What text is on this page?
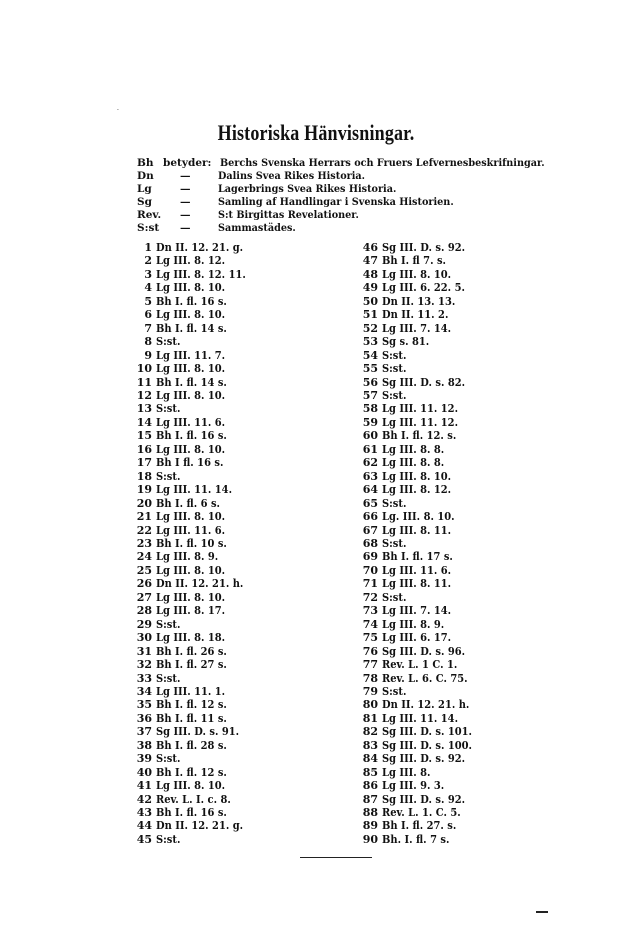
·
Historiska Hänvisningar.
Bh betyder: Berchs Svenska Herrars och Fruers Lefvernesbeskrifningar.
Dn	—	Dalins Svea Rikes Historia.
Lg	—	Lagerbrings Svea Rikes Historia.
Sg	—	Samling af Handlingar i Svenska Historien.
Rev.	—	S:t Birgittas Revelationer.
S:st	—	Sammastädes.
1 Dn II. 12. 21. g.
2 Lg III. 8. 12.
3 Lg III. 8. 12. 11.
4 Lg III. 8. 10.
5 Bh I. fl. 16 s.
6 Lg III. 8. 10.
7 Bh I. fl. 14 s.
8 S:st.
9 Lg III. 11. 7.
10 Lg III. 8. 10.
11 Bh I. fl. 14 s.
12 Lg III. 8. 10.
13 S:st.
14 Lg III. 11. 6.
15 Bh I. fl. 16 s.
16 Lg III. 8. 10.
17 Bh I fl. 16 s.
18 S:st.
19 Lg III. 11. 14.
20 Bh I. fl. 6 s.
21 Lg III. 8. 10.
22 Lg III. 11. 6.
23 Bh I. fl. 10 s.
24 Lg III. 8. 9.
25 Lg III. 8. 10.
26 Dn II. 12. 21. h.
27 Lg III. 8. 10.
28 Lg III. 8. 17.
29 S:st.
30 Lg III. 8. 18.
31 Bh I. fl. 26 s.
32 Bh I. fl. 27 s.
33 S:st.
34 Lg III. 11. 1.
35 Bh I. fl. 12 s.
36 Bh I. fl. 11 s.
37 Sg III. D. s. 91.
38 Bh I. fl. 28 s.
39 S:st.
40 Bh I. fl. 12 s.
41 Lg III. 8. 10.
42 Rev. L. I. c. 8.
43 Bh I. fl. 16 s.
44 Dn II. 12. 21. g.
45 S:st.
46 Sg III. D. s. 92.
47 Bh I. fl 7. s.
48 Lg III. 8. 10.
49 Lg III. 6. 22. 5.
50 Dn II. 13. 13.
51 Dn II. 11. 2.
52 Lg III. 7. 14.
53 Sg s. 81.
54 S:st.
55 S:st.
56 Sg III. D. s. 82.
57 S:st.
58 Lg III. 11. 12.
59 Lg III. 11. 12.
60 Bh I. fl. 12. s.
61 Lg III. 8. 8.
62 Lg III. 8. 8.
63 Lg III. 8. 10.
64 Lg III. 8. 12.
65 S:st.
66 Lg. III. 8. 10.
67 Lg III. 8. 11.
68 S:st.
69 Bh I. fl. 17 s.
70 Lg III. 11. 6.
71 Lg III. 8. 11.
72 S:st.
73 Lg III. 7. 14.
74 Lg III. 8. 9.
75 Lg III. 6. 17.
76 Sg III. D. s. 96.
77 Rev. L. 1 C. 1.
78 Rev. L. 6. C. 75.
79 S:st.
80 Dn II. 12. 21. h.
81 Lg III. 11. 14.
82 Sg III. D. s. 101.
83 Sg III. D. s. 100.
84 Sg III. D. s. 92.
85 Lg III. 8.
86 Lg III. 9. 3.
87 Sg III. D. s. 92.
88 Rev. L. 1. C. 5.
89 Bh I. fl. 27. s.
90 Bh. I. fl. 7 s.
